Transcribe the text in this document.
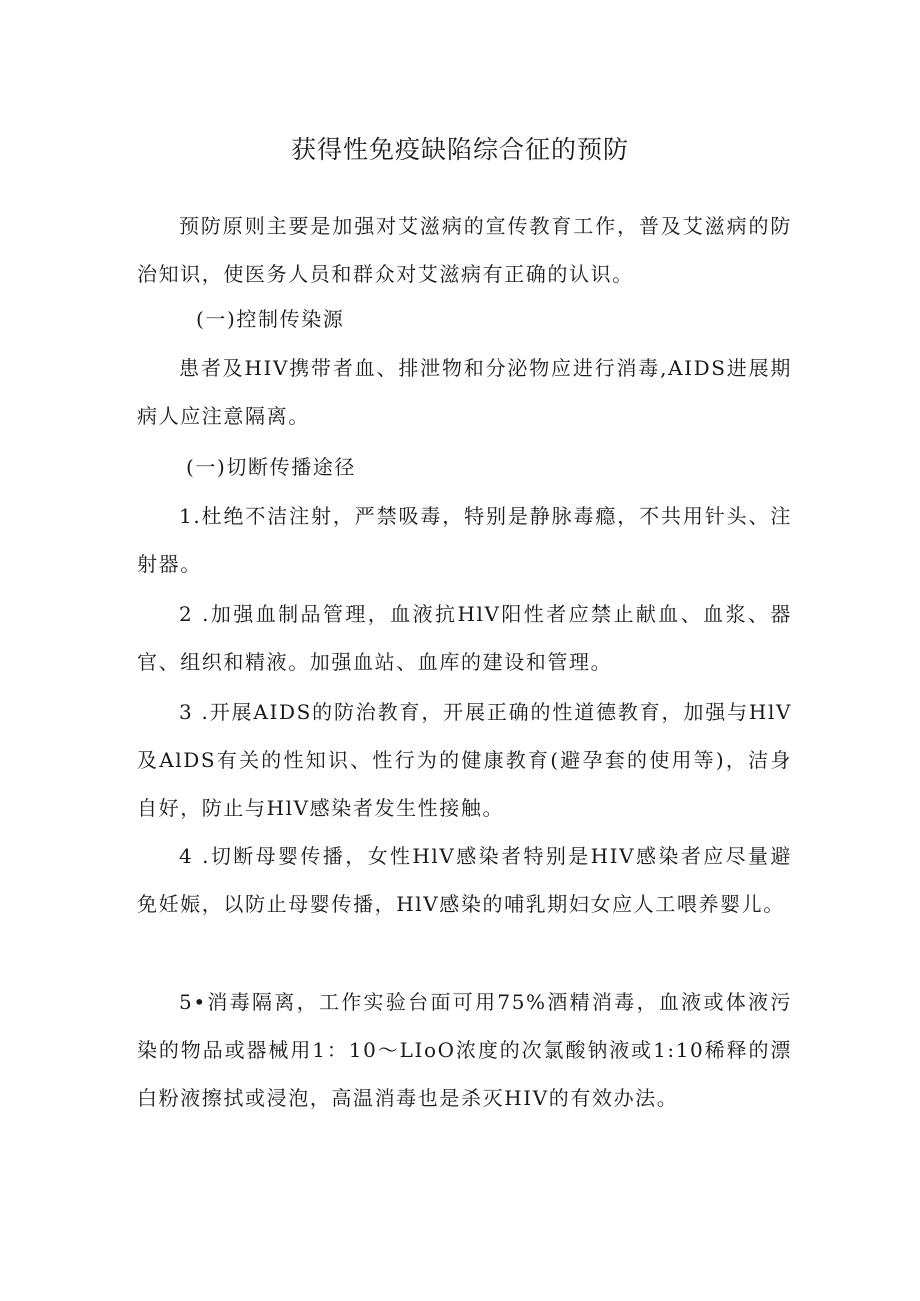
获得性免疫缺陷综合征的预防

预防原则主要是加强对艾滋病的宣传教育工作，普及艾滋病的防治知识，使医务人员和群众对艾滋病有正确的认识。

(一)控制传染源

患者及HIV携带者血、排泄物和分泌物应进行消毒,AIDS进展期病人应注意隔离。

(一)切断传播途径

1.杜绝不洁注射，严禁吸毒，特别是静脉毒瘾，不共用针头、注射器。

2 .加强血制品管理，血液抗HlV阳性者应禁止献血、血浆、器官、组织和精液。加强血站、血库的建设和管理。

3 .开展AIDS的防治教育，开展正确的性道德教育，加强与HlV及AlDS有关的性知识、性行为的健康教育(避孕套的使用等)，洁身自好，防止与HlV感染者发生性接触。

4 .切断母婴传播，女性HlV感染者特别是HIV感染者应尽量避免妊娠，以防止母婴传播，HlV感染的哺乳期妇女应人工喂养婴儿。

5•消毒隔离，工作实验台面可用75%酒精消毒，血液或体液污染的物品或器械用1：10～LIoO浓度的次氯酸钠液或1:10稀释的漂白粉液擦拭或浸泡，高温消毒也是杀灭HIV的有效办法。
